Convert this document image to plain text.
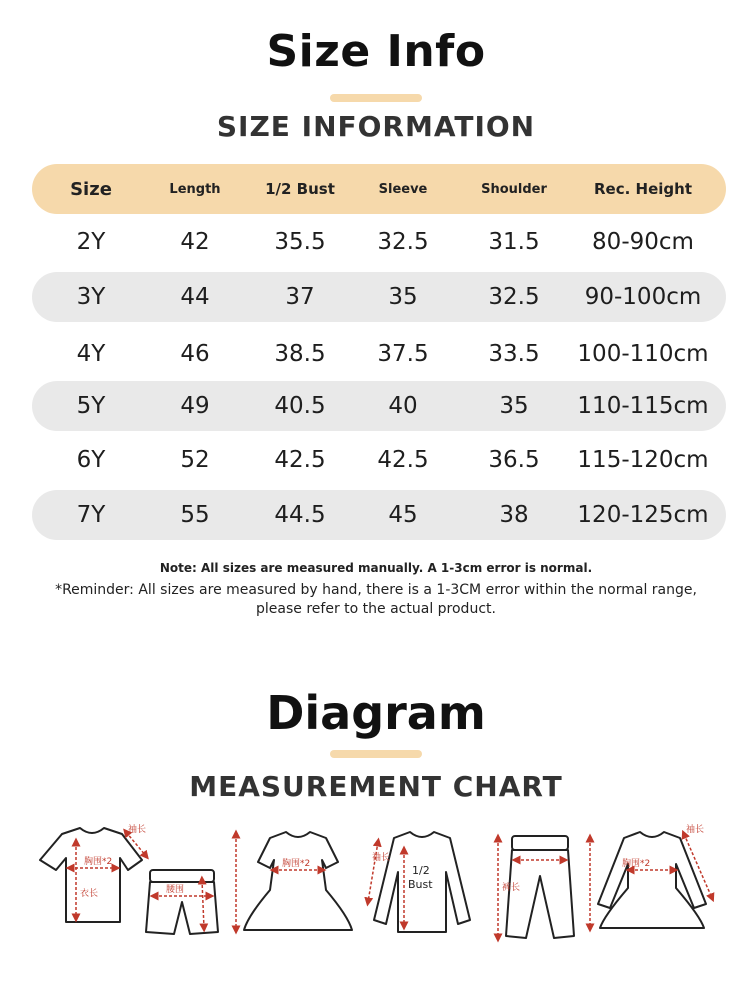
Size Info
SIZE INFORMATION
Size	Length	1/2 Bust	Sleeve	Shoulder	Rec. Height
2Y	42	35.5	32.5	31.5	80-90cm
3Y	44	37	35	32.5	90-100cm
4Y	46	38.5	37.5	33.5	100-110cm
5Y	49	40.5	40	35	110-115cm
6Y	52	42.5	42.5	36.5	115-120cm
7Y	55	44.5	45	38	120-125cm
Note: All sizes are measured manually. A 1-3cm error is normal.
*Reminder: All sizes are measured by hand, there is a 1-3CM error within the normal range, please refer to the actual product.
Diagram
MEASUREMENT CHART
胸围*2
腰围
胸围*2	胸围*2
衣长
袖长
袖长
裤长
袖长
1/2
Bust
